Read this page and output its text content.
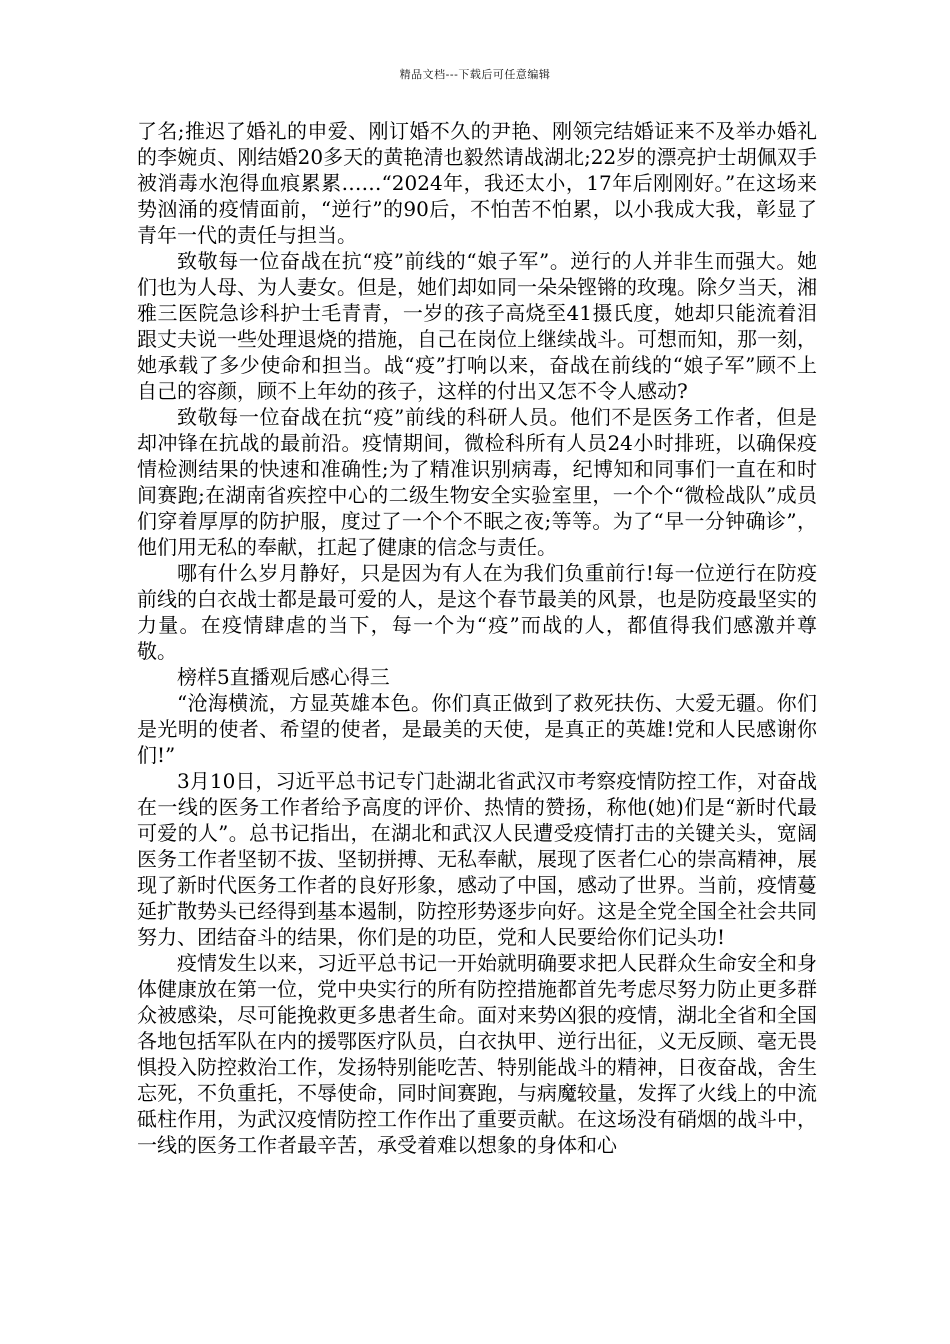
精品文档---下载后可任意编辑

了名;推迟了婚礼的申爱、刚订婚不久的尹艳、刚领完结婚证来不及举办婚礼的李婉贞、刚结婚20多天的黄艳清也毅然请战湖北;22岁的漂亮护士胡佩双手被消毒水泡得血痕累累……“2024年，我还太小，17年后刚刚好。”在这场来势汹涌的疫情面前，“逆行”的90后，不怕苦不怕累，以小我成大我，彰显了青年一代的责任与担当。

致敬每一位奋战在抗“疫”前线的“娘子军”。逆行的人并非生而强大。她们也为人母、为人妻女。但是，她们却如同一朵朵铿锵的玫瑰。除夕当天，湘雅三医院急诊科护士毛青青，一岁的孩子高烧至41摄氏度，她却只能流着泪跟丈夫说一些处理退烧的措施，自己在岗位上继续战斗。可想而知，那一刻，她承载了多少使命和担当。战“疫”打响以来，奋战在前线的“娘子军”顾不上自己的容颜，顾不上年幼的孩子，这样的付出又怎不令人感动?

致敬每一位奋战在抗“疫”前线的科研人员。他们不是医务工作者，但是却冲锋在抗战的最前沿。疫情期间，微检科所有人员24小时排班，以确保疫情检测结果的快速和准确性;为了精准识别病毒，纪博知和同事们一直在和时间赛跑;在湖南省疾控中心的二级生物安全实验室里，一个个“微检战队”成员们穿着厚厚的防护服，度过了一个个不眠之夜;等等。为了“早一分钟确诊”，他们用无私的奉献，扛起了健康的信念与责任。

哪有什么岁月静好，只是因为有人在为我们负重前行!每一位逆行在防疫前线的白衣战士都是最可爱的人，是这个春节最美的风景，也是防疫最坚实的力量。在疫情肆虐的当下，每一个为“疫”而战的人，都值得我们感激并尊敬。

榜样5直播观后感心得三

“沧海横流，方显英雄本色。你们真正做到了救死扶伤、大爱无疆。你们是光明的使者、希望的使者，是最美的天使，是真正的英雄!党和人民感谢你们!”

3月10日，习近平总书记专门赴湖北省武汉市考察疫情防控工作，对奋战在一线的医务工作者给予高度的评价、热情的赞扬，称他(她)们是“新时代最可爱的人”。总书记指出，在湖北和武汉人民遭受疫情打击的关键关头，宽阔医务工作者坚韧不拔、坚韧拼搏、无私奉献，展现了医者仁心的崇高精神，展现了新时代医务工作者的良好形象，感动了中国，感动了世界。当前，疫情蔓延扩散势头已经得到基本遏制，防控形势逐步向好。这是全党全国全社会共同努力、团结奋斗的结果，你们是的功臣，党和人民要给你们记头功!

疫情发生以来，习近平总书记一开始就明确要求把人民群众生命安全和身体健康放在第一位，党中央实行的所有防控措施都首先考虑尽努力防止更多群众被感染，尽可能挽救更多患者生命。面对来势凶狠的疫情，湖北全省和全国各地包括军队在内的援鄂医疗队员，白衣执甲、逆行出征，义无反顾、毫无畏惧投入防控救治工作，发扬特别能吃苦、特别能战斗的精神，日夜奋战，舍生忘死，不负重托，不辱使命，同时间赛跑，与病魔较量，发挥了火线上的中流砥柱作用，为武汉疫情防控工作作出了重要贡献。在这场没有硝烟的战斗中，一线的医务工作者最辛苦，承受着难以想象的身体和心
